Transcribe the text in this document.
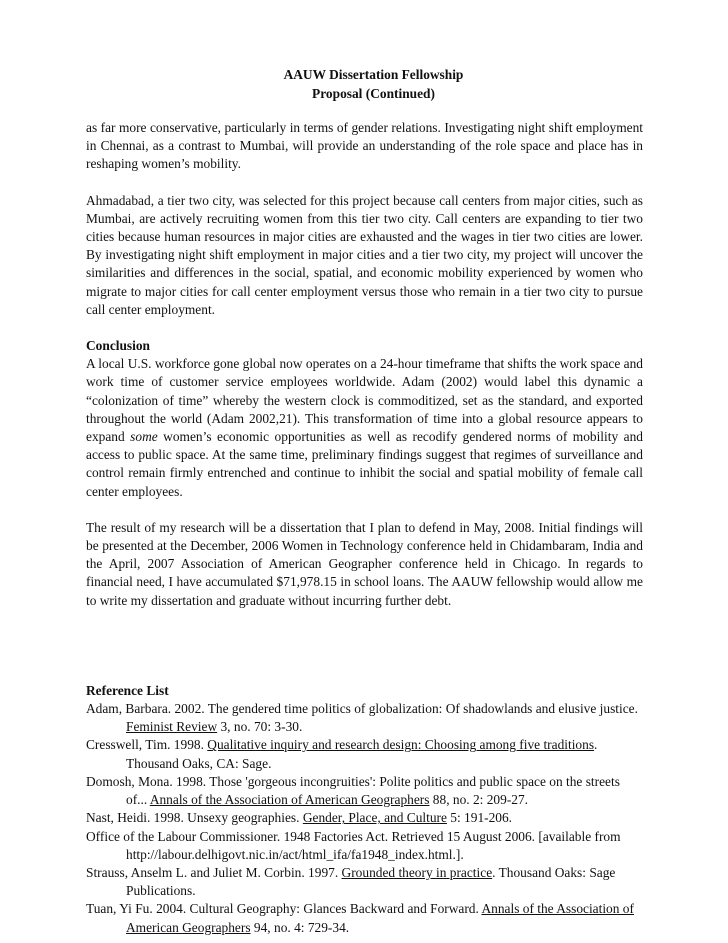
AAUW Dissertation Fellowship
Proposal (Continued)

as far more conservative, particularly in terms of gender relations. Investigating night shift employment in Chennai, as a contrast to Mumbai, will provide an understanding of the role space and place has in reshaping women’s mobility.

Ahmadabad, a tier two city, was selected for this project because call centers from major cities, such as Mumbai, are actively recruiting women from this tier two city. Call centers are expanding to tier two cities because human resources in major cities are exhausted and the wages in tier two cities are lower. By investigating night shift employment in major cities and a tier two city, my project will uncover the similarities and differences in the social, spatial, and economic mobility experienced by women who migrate to major cities for call center employment versus those who remain in a tier two city to pursue call center employment.

Conclusion

A local U.S. workforce gone global now operates on a 24-hour timeframe that shifts the work space and work time of customer service employees worldwide. Adam (2002) would label this dynamic a “colonization of time” whereby the western clock is commoditized, set as the standard, and exported throughout the world (Adam 2002,21). This transformation of time into a global resource appears to expand some women’s economic opportunities as well as recodify gendered norms of mobility and access to public space. At the same time, preliminary findings suggest that regimes of surveillance and control remain firmly entrenched and continue to inhibit the social and spatial mobility of female call center employees.

The result of my research will be a dissertation that I plan to defend in May, 2008. Initial findings will be presented at the December, 2006 Women in Technology conference held in Chidambaram, India and the April, 2007 Association of American Geographer conference held in Chicago. In regards to financial need, I have accumulated $71,978.15 in school loans. The AAUW fellowship would allow me to write my dissertation and graduate without incurring further debt.

Reference List
Adam, Barbara. 2002. The gendered time politics of globalization: Of shadowlands and elusive justice. Feminist Review 3, no. 70: 3-30.
Cresswell, Tim. 1998. Qualitative inquiry and research design: Choosing among five traditions. Thousand Oaks, CA: Sage.
Domosh, Mona. 1998. Those 'gorgeous incongruities': Polite politics and public space on the streets of... Annals of the Association of American Geographers 88, no. 2: 209-27.
Nast, Heidi. 1998. Unsexy geographies. Gender, Place, and Culture 5: 191-206.
Office of the Labour Commissioner. 1948 Factories Act. Retrieved 15 August 2006. [available from http://labour.delhigovt.nic.in/act/html_ifa/fa1948_index.html.].
Strauss, Anselm L. and Juliet M. Corbin. 1997. Grounded theory in practice. Thousand Oaks: Sage Publications.
Tuan, Yi Fu. 2004. Cultural Geography: Glances Backward and Forward. Annals of the Association of American Geographers 94, no. 4: 729-34.
